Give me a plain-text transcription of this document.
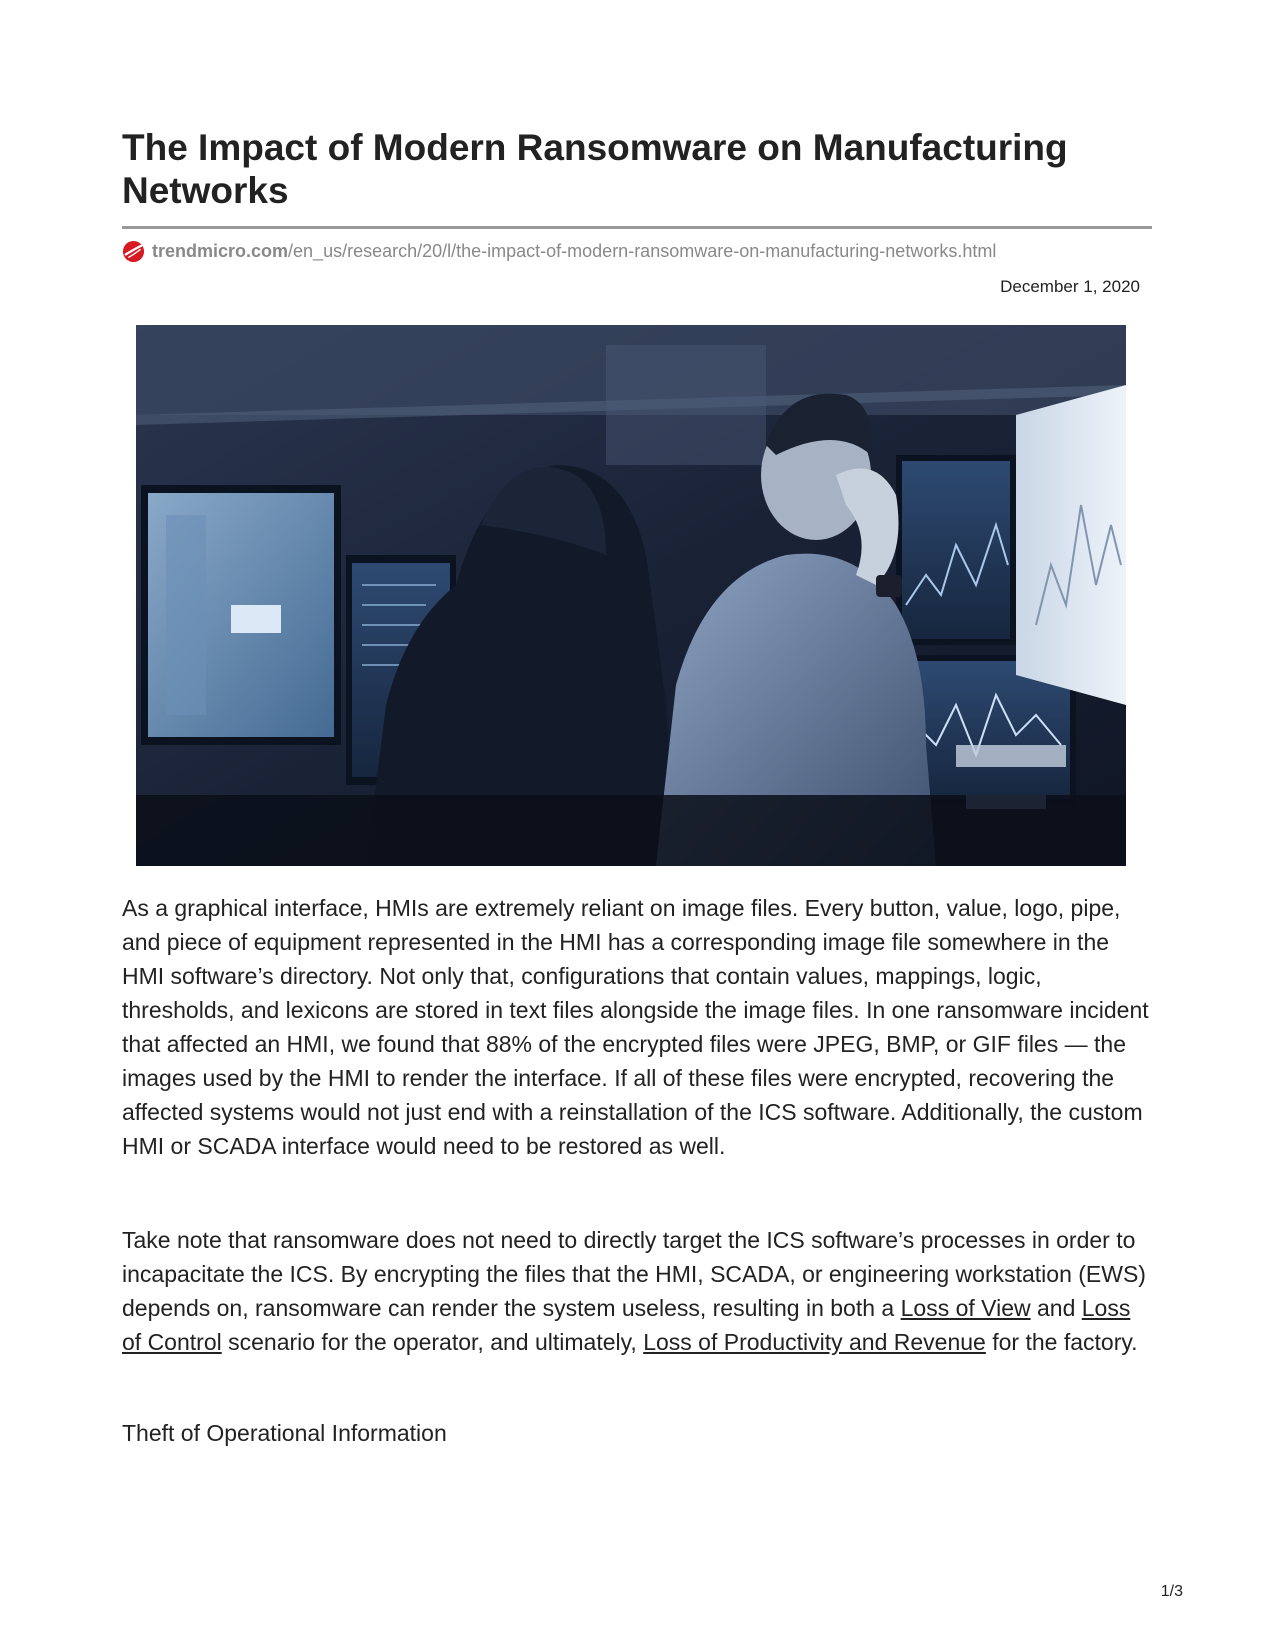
The Impact of Modern Ransomware on Manufacturing Networks
trendmicro.com /en_us/research/20/l/the-impact-of-modern-ransomware-on-manufacturing-networks.html
December 1, 2020

As a graphical interface, HMIs are extremely reliant on image files. Every button, value, logo, pipe, and piece of equipment represented in the HMI has a corresponding image file somewhere in the HMI software’s directory. Not only that, configurations that contain values, mappings, logic, thresholds, and lexicons are stored in text files alongside the image files. In one ransomware incident that affected an HMI, we found that 88% of the encrypted files were JPEG, BMP, or GIF files — the images used by the HMI to render the interface. If all of these files were encrypted, recovering the affected systems would not just end with a reinstallation of the ICS software. Additionally, the custom HMI or SCADA interface would need to be restored as well.

Take note that ransomware does not need to directly target the ICS software’s processes in order to incapacitate the ICS. By encrypting the files that the HMI, SCADA, or engineering workstation (EWS) depends on, ransomware can render the system useless, resulting in both a Loss of View and Loss of Control scenario for the operator, and ultimately, Loss of Productivity and Revenue for the factory.

Theft of Operational Information

1/3
